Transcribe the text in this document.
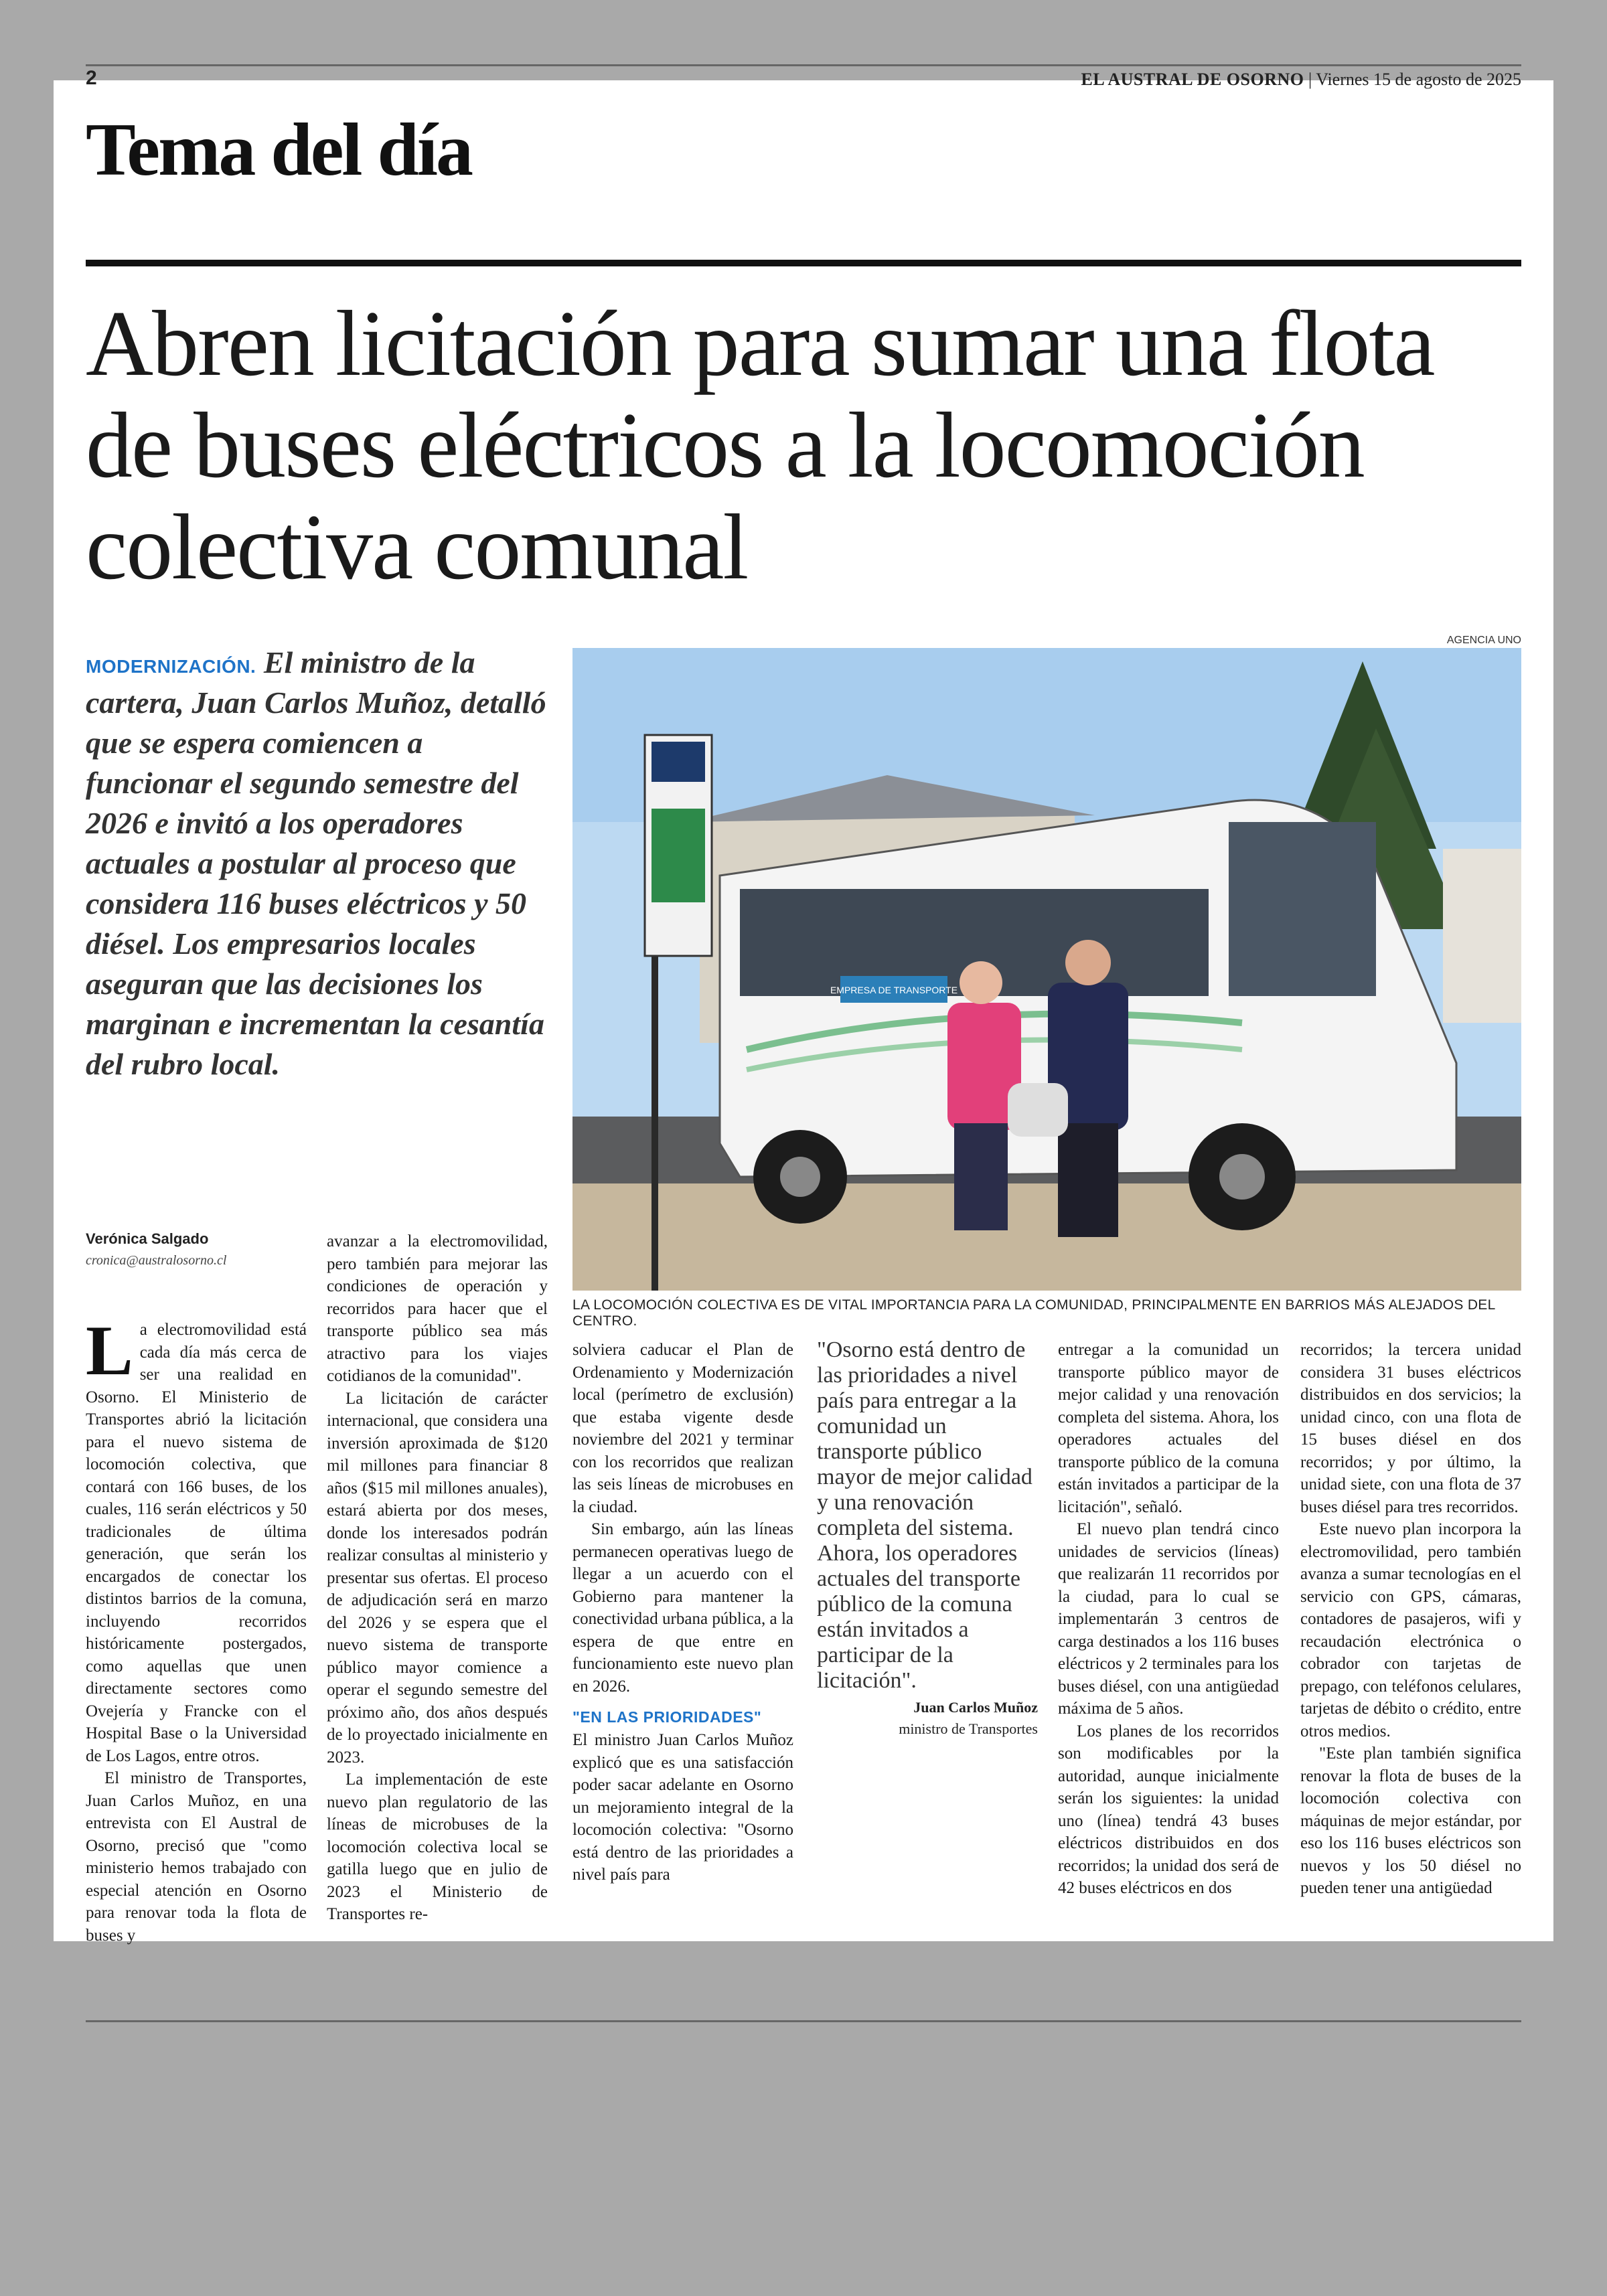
2	EL AUSTRAL DE OSORNO | Viernes 15 de agosto de 2025
Tema del día
Abren licitación para sumar una flota de buses eléctricos a la locomoción colectiva comunal

MODERNIZACIÓN. El ministro de la cartera, Juan Carlos Muñoz, detalló que se espera comiencen a funcionar el segundo semestre del 2026 e invitó a los operadores actuales a postular al proceso que considera 116 buses eléctricos y 50 diésel. Los empresarios locales aseguran que las decisiones los marginan e incrementan la cesantía del rubro local.

AGENCIA UNO
EMPRESA DE TRANSPORTE
LA LOCOMOCIÓN COLECTIVA ES DE VITAL IMPORTANCIA PARA LA COMUNIDAD, PRINCIPALMENTE EN BARRIOS MÁS ALEJADOS DEL CENTRO.
Verónica Salgado
cronica@australosorno.cl

La electromovilidad está cada día más cerca de ser una realidad en Osorno. El Ministerio de Transportes abrió la licitación para el nuevo sistema de locomoción colectiva, que contará con 166 buses, de los cuales, 116 serán eléctricos y 50 tradicionales de última generación, que serán los encargados de conectar los distintos barrios de la comuna, incluyendo recorridos históricamente postergados, como aquellas que unen directamente sectores como Ovejería y Francke con el Hospital Base o la Universidad de Los Lagos, entre otros.

El ministro de Transportes, Juan Carlos Muñoz, en una entrevista con El Austral de Osorno, precisó que "como ministerio hemos trabajado con especial atención en Osorno para renovar toda la flota de buses y

avanzar a la electromovilidad, pero también para mejorar las condiciones de operación y recorridos para hacer que el transporte público sea más atractivo para los viajes cotidianos de la comunidad".

La licitación de carácter internacional, que considera una inversión aproximada de $120 mil millones para financiar 8 años ($15 mil millones anuales), estará abierta por dos meses, donde los interesados podrán realizar consultas al ministerio y presentar sus ofertas. El proceso de adjudicación será en marzo del 2026 y se espera que el nuevo sistema de transporte público mayor comience a operar el segundo semestre del próximo año, dos años después de lo proyectado inicialmente en 2023.

La implementación de este nuevo plan regulatorio de las líneas de microbuses de la locomoción colectiva local se gatilla luego que en julio de 2023 el Ministerio de Transportes re-

solviera caducar el Plan de Ordenamiento y Modernización local (perímetro de exclusión) que estaba vigente desde noviembre del 2021 y terminar con los recorridos que realizan las seis líneas de microbuses en la ciudad.

Sin embargo, aún las líneas permanecen operativas luego de llegar a un acuerdo con el Gobierno para mantener la conectividad urbana pública, a la espera de que entre en funcionamiento este nuevo plan en 2026.

"EN LAS PRIORIDADES"

El ministro Juan Carlos Muñoz explicó que es una satisfacción poder sacar adelante en Osorno un mejoramiento integral de la locomoción colectiva: "Osorno está dentro de las prioridades a nivel país para

"Osorno está dentro de las prioridades a nivel país para entregar a la comunidad un transporte público mayor de mejor calidad y una renovación completa del sistema. Ahora, los operadores actuales del transporte público de la comuna están invitados a participar de la licitación".

Juan Carlos Muñoz
ministro de Transportes

entregar a la comunidad un transporte público mayor de mejor calidad y una renovación completa del sistema. Ahora, los operadores actuales del transporte público de la comuna están invitados a participar de la licitación", señaló.

El nuevo plan tendrá cinco unidades de servicios (líneas) que realizarán 11 recorridos por la ciudad, para lo cual se implementarán 3 centros de carga destinados a los 116 buses eléctricos y 2 terminales para los buses diésel, con una antigüedad máxima de 5 años.

Los planes de los recorridos son modificables por la autoridad, aunque inicialmente serán los siguientes: la unidad uno (línea) tendrá 43 buses eléctricos distribuidos en dos recorridos; la unidad dos será de 42 buses eléctricos en dos

recorridos; la tercera unidad considera 31 buses eléctricos distribuidos en dos servicios; la unidad cinco, con una flota de 15 buses diésel en dos recorridos; y por último, la unidad siete, con una flota de 37 buses diésel para tres recorridos.

Este nuevo plan incorpora la electromovilidad, pero también avanza a sumar tecnologías en el servicio con GPS, cámaras, contadores de pasajeros, wifi y recaudación electrónica o cobrador con tarjetas de prepago, con teléfonos celulares, tarjetas de débito o crédito, entre otros medios.

"Este plan también significa renovar la flota de buses de la locomoción colectiva con máquinas de mejor estándar, por eso los 116 buses eléctricos son nuevos y los 50 diésel no pueden tener una antigüedad
